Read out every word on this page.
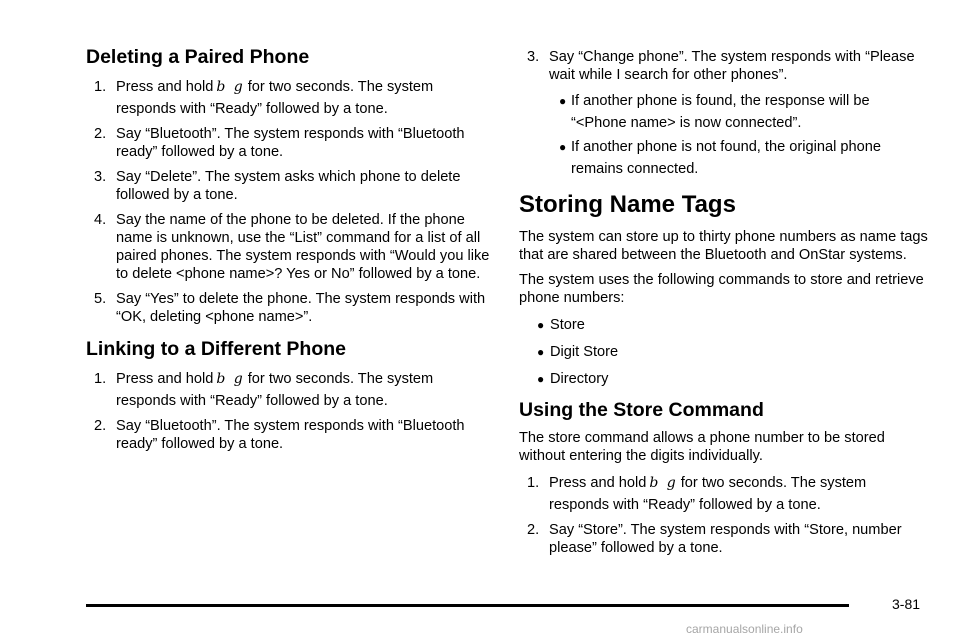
Deleting a Paired Phone
1. Press and hold b g for two seconds. The system responds with “Ready” followed by a tone.
2. Say “Bluetooth”. The system responds with “Bluetooth ready” followed by a tone.
3. Say “Delete”. The system asks which phone to delete followed by a tone.
4. Say the name of the phone to be deleted. If the phone name is unknown, use the “List” command for a list of all paired phones. The system responds with “Would you like to delete <phone name>? Yes or No” followed by a tone.
5. Say “Yes” to delete the phone. The system responds with “OK, deleting <phone name>”.
Linking to a Different Phone
1. Press and hold b g for two seconds. The system responds with “Ready” followed by a tone.
2. Say “Bluetooth”. The system responds with “Bluetooth ready” followed by a tone.
3. Say “Change phone”. The system responds with “Please wait while I search for other phones”.
● If another phone is found, the response will be “<Phone name> is now connected”.
● If another phone is not found, the original phone remains connected.
Storing Name Tags

The system can store up to thirty phone numbers as name tags that are shared between the Bluetooth and OnStar systems.

The system uses the following commands to store and retrieve phone numbers:

● Store
● Digit Store
● Directory
Using the Store Command

The store command allows a phone number to be stored without entering the digits individually.

1. Press and hold b g for two seconds. The system responds with “Ready” followed by a tone.
2. Say “Store”. The system responds with “Store, number please” followed by a tone.
3-81
carmanualsonline.info
